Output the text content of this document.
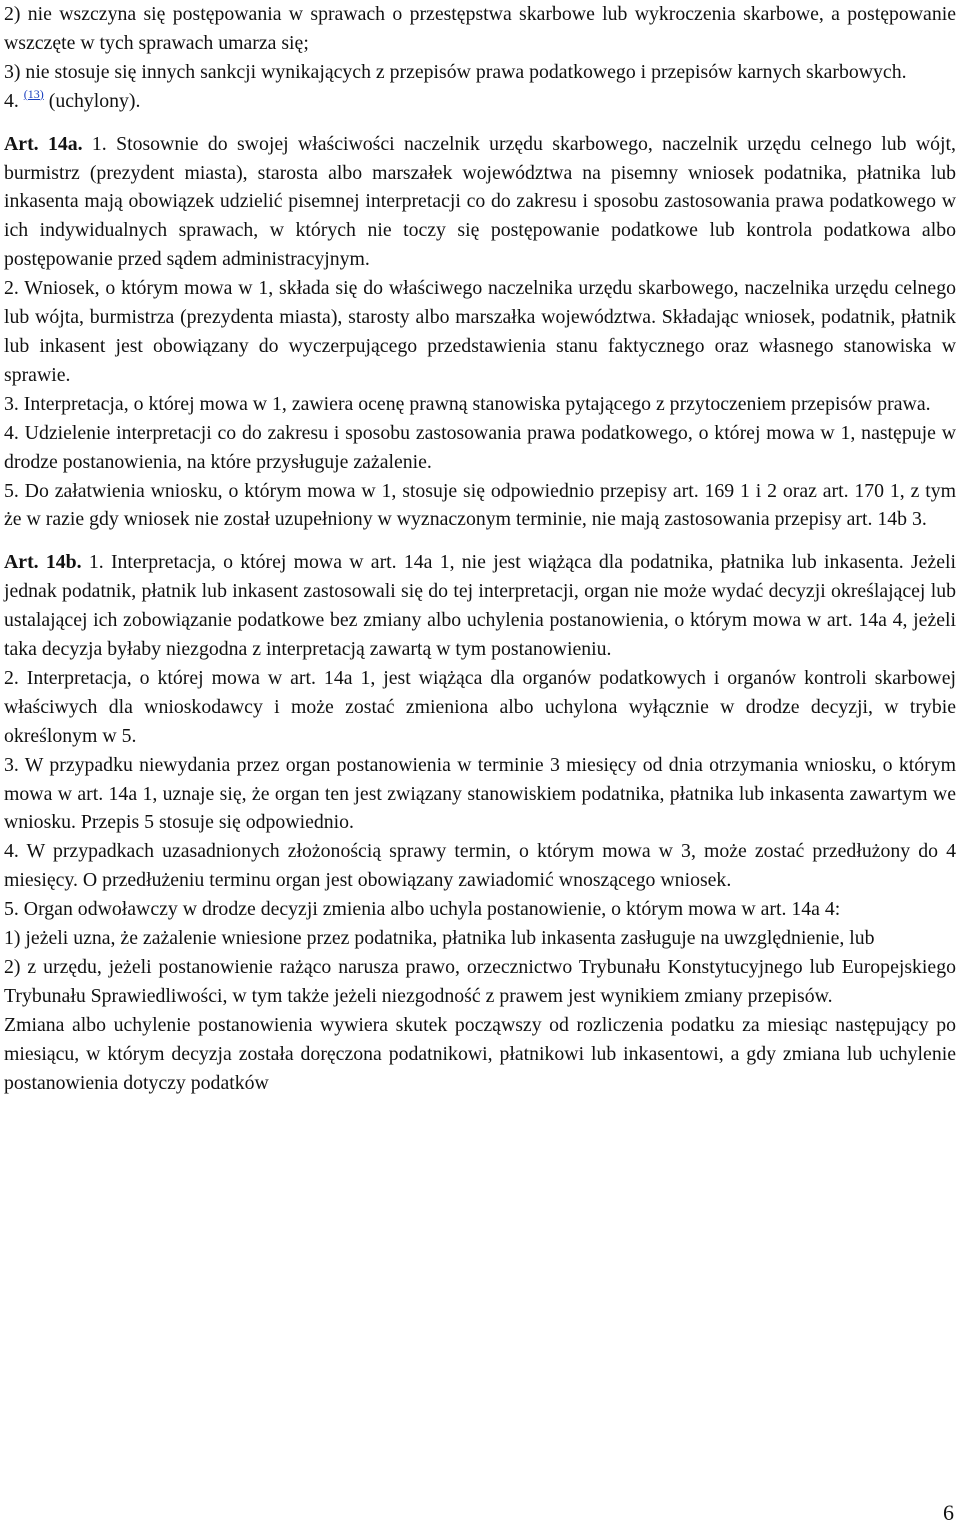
2) nie wszczyna się postępowania w sprawach o przestępstwa skarbowe lub wykroczenia skarbowe, a postępowanie wszczęte w tych sprawach umarza się;

3) nie stosuje się innych sankcji wynikających z przepisów prawa podatkowego i przepisów karnych skarbowych.

4. $^{(13)}$ (uchylony).

Art. 14a. 1. Stosownie do swojej właściwości naczelnik urzędu skarbowego, naczelnik urzędu celnego lub wójt, burmistrz (prezydent miasta), starosta albo marszałek województwa na pisemny wniosek podatnika, płatnika lub inkasenta mają obowiązek udzielić pisemnej interpretacji co do zakresu i sposobu zastosowania prawa podatkowego w ich indywidualnych sprawach, w których nie toczy się postępowanie podatkowe lub kontrola podatkowa albo postępowanie przed sądem administracyjnym.

2. Wniosek, o którym mowa w 1, składa się do właściwego naczelnika urzędu skarbowego, naczelnika urzędu celnego lub wójta, burmistrza (prezydenta miasta), starosty albo marszałka województwa. Składając wniosek, podatnik, płatnik lub inkasent jest obowiązany do wyczerpującego przedstawienia stanu faktycznego oraz własnego stanowiska w sprawie.

3. Interpretacja, o której mowa w 1, zawiera ocenę prawną stanowiska pytającego z przytoczeniem przepisów prawa.

4. Udzielenie interpretacji co do zakresu i sposobu zastosowania prawa podatkowego, o której mowa w 1, następuje w drodze postanowienia, na które przysługuje zażalenie.

5. Do załatwienia wniosku, o którym mowa w 1, stosuje się odpowiednio przepisy art. 169 1 i 2 oraz art. 170 1, z tym że w razie gdy wniosek nie został uzupełniony w wyznaczonym terminie, nie mają zastosowania przepisy art. 14b 3.

Art. 14b. 1. Interpretacja, o której mowa w art. 14a 1, nie jest wiążąca dla podatnika, płatnika lub inkasenta. Jeżeli jednak podatnik, płatnik lub inkasent zastosowali się do tej interpretacji, organ nie może wydać decyzji określającej lub ustalającej ich zobowiązanie podatkowe bez zmiany albo uchylenia postanowienia, o którym mowa w art. 14a 4, jeżeli taka decyzja byłaby niezgodna z interpretacją zawartą w tym postanowieniu.

2. Interpretacja, o której mowa w art. 14a 1, jest wiążąca dla organów podatkowych i organów kontroli skarbowej właściwych dla wnioskodawcy i może zostać zmieniona albo uchylona wyłącznie w drodze decyzji, w trybie określonym w 5.

3. W przypadku niewydania przez organ postanowienia w terminie 3 miesięcy od dnia otrzymania wniosku, o którym mowa w art. 14a 1, uznaje się, że organ ten jest związany stanowiskiem podatnika, płatnika lub inkasenta zawartym we wniosku. Przepis 5 stosuje się odpowiednio.

4. W przypadkach uzasadnionych złożonością sprawy termin, o którym mowa w 3, może zostać przedłużony do 4 miesięcy. O przedłużeniu terminu organ jest obowiązany zawiadomić wnoszącego wniosek.

5. Organ odwoławczy w drodze decyzji zmienia albo uchyla postanowienie, o którym mowa w art. 14a 4:

1) jeżeli uzna, że zażalenie wniesione przez podatnika, płatnika lub inkasenta zasługuje na uwzględnienie, lub

2) z urzędu, jeżeli postanowienie rażąco narusza prawo, orzecznictwo Trybunału Konstytucyjnego lub Europejskiego Trybunału Sprawiedliwości, w tym także jeżeli niezgodność z prawem jest wynikiem zmiany przepisów.

Zmiana albo uchylenie postanowienia wywiera skutek począwszy od rozliczenia podatku za miesiąc następujący po miesiącu, w którym decyzja została doręczona podatnikowi, płatnikowi lub inkasentowi, a gdy zmiana lub uchylenie postanowienia dotyczy podatków

6
